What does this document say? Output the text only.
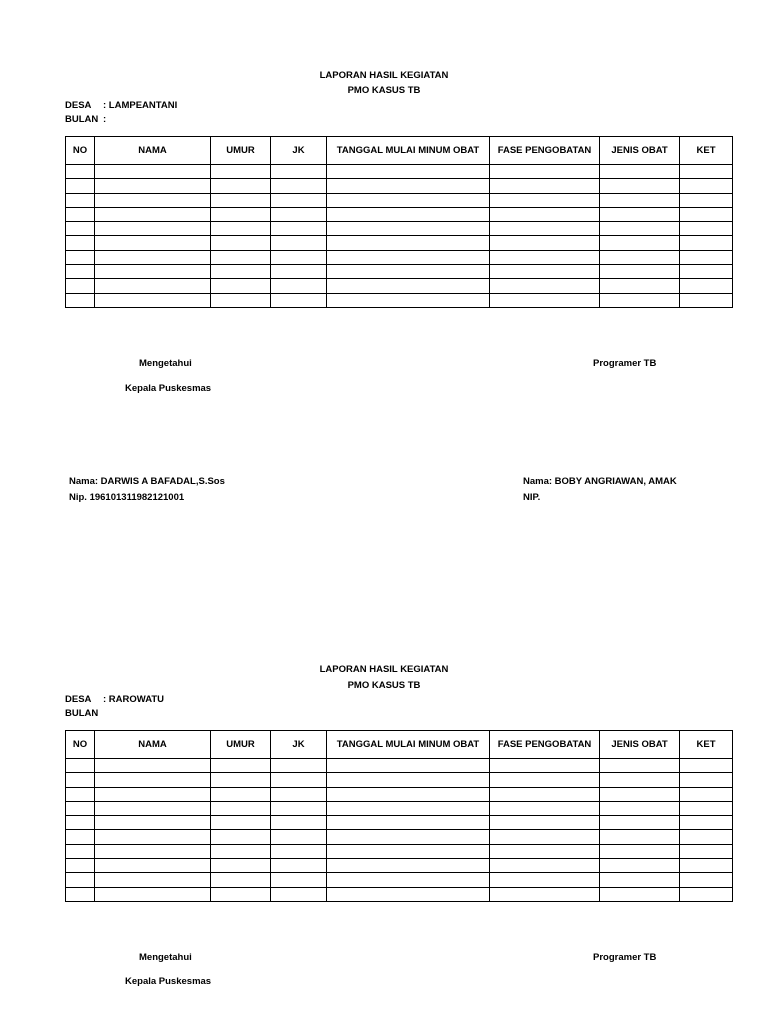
LAPORAN HASIL KEGIATAN
PMO KASUS TB
DESA : LAMPEANTANI
BULAN :
NO	NAMA	UMUR	JK	TANGGAL MULAI MINUM OBAT	FASE PENGOBATAN	JENIS OBAT	KET

Mengetahui
Kepala Puskesmas
Programer TB
Nama: DARWIS A BAFADAL,S.Sos
Nip. 196101311982121001
Nama: BOBY ANGRIAWAN, AMAK
NIP.
LAPORAN HASIL KEGIATAN
PMO KASUS TB
DESA : RAROWATU
BULAN
NO	NAMA	UMUR	JK	TANGGAL MULAI MINUM OBAT	FASE PENGOBATAN	JENIS OBAT	KET

Mengetahui
Kepala Puskesmas
Programer TB
